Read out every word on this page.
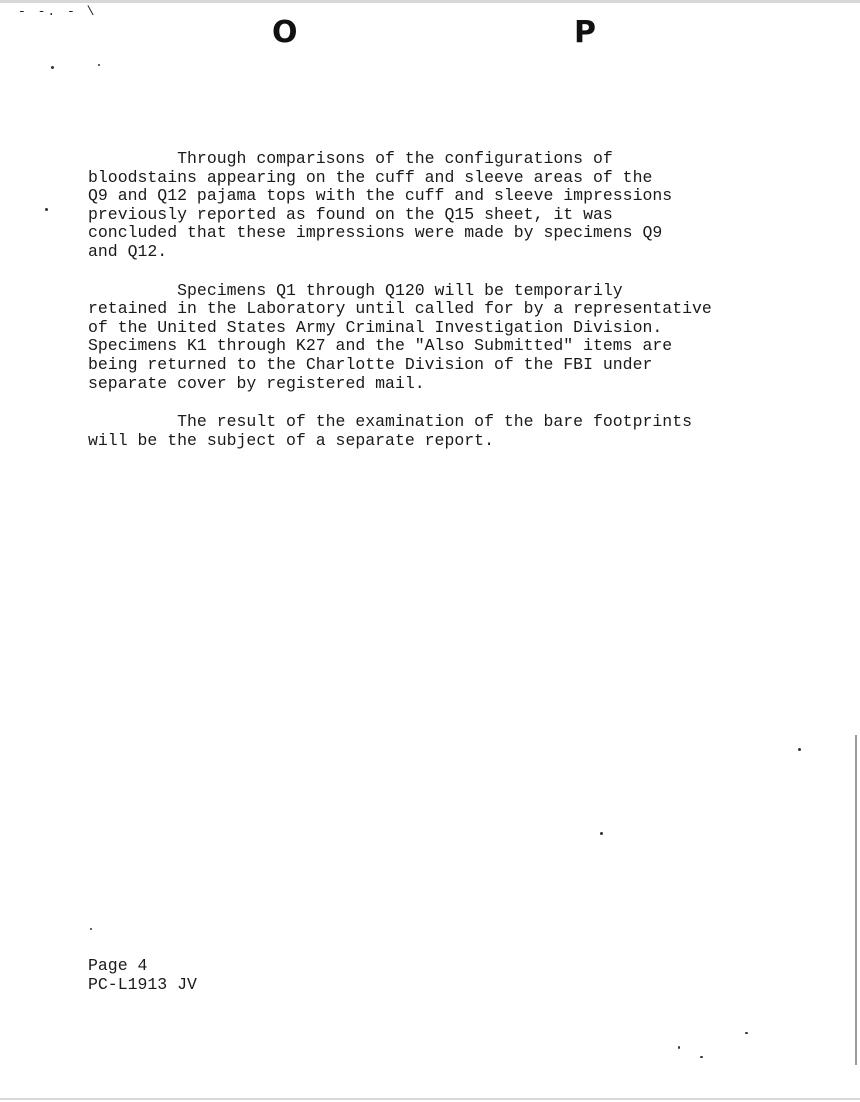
- -. - \
O	P

Through comparisons of the configurations of
bloodstains appearing on the cuff and sleeve areas of the
Q9 and Q12 pajama tops with the cuff and sleeve impressions
previously reported as found on the Q15 sheet, it was
concluded that these impressions were made by specimens Q9
and Q12.

Specimens Q1 through Q120 will be temporarily
retained in the Laboratory until called for by a representative
of the United States Army Criminal Investigation Division.
Specimens K1 through K27 and the "Also Submitted" items are
being returned to the Charlotte Division of the FBI under
separate cover by registered mail.

The result of the examination of the bare footprints
will be the subject of a separate report.

Page 4
PC-L1913 JV
